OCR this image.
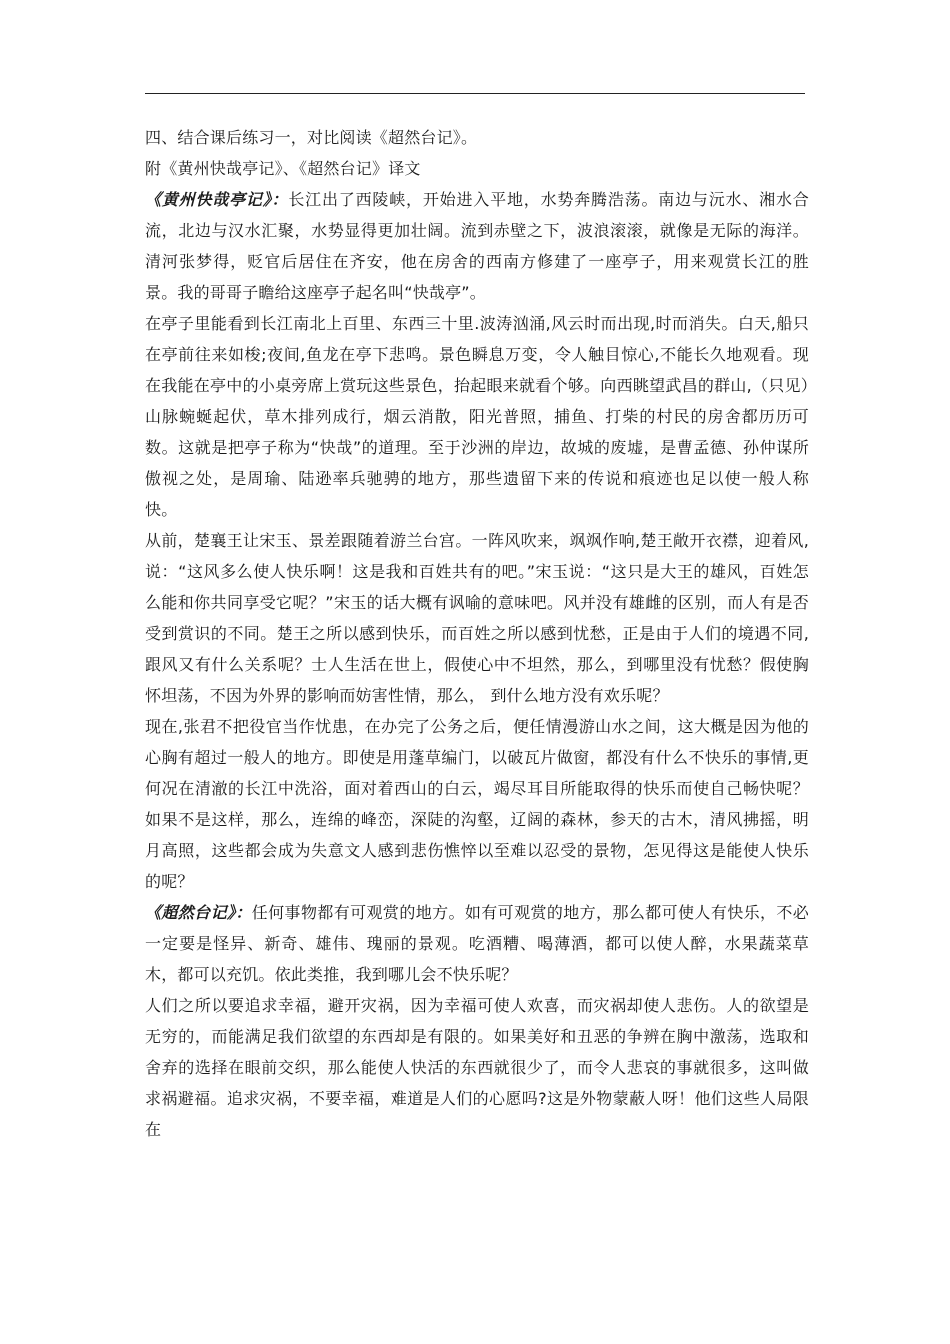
四、结合课后练习一，对比阅读《超然台记》。

附《黄州快哉亭记》、《超然台记》译文

《黄州快哉亭记》：长江出了西陵峡，开始进入平地，水势奔腾浩荡。南边与沅水、湘水合流，北边与汉水汇聚，水势显得更加壮阔。流到赤壁之下，波浪滚滚，就像是无际的海洋。清河张梦得，贬官后居住在齐安，他在房舍的西南方修建了一座亭子，用来观赏长江的胜景。我的哥哥子瞻给这座亭子起名叫“快哉亭”。

在亭子里能看到长江南北上百里、东西三十里.波涛汹涌,风云时而出现,时而消失。白天,船只在亭前往来如梭;夜间,鱼龙在亭下悲鸣。景色瞬息万变，令人触目惊心,不能长久地观看。现在我能在亭中的小桌旁席上赏玩这些景色，抬起眼来就看个够。向西眺望武昌的群山,（只见）山脉蜿蜒起伏，草木排列成行，烟云消散，阳光普照，捕鱼、打柴的村民的房舍都历历可数。这就是把亭子称为“快哉”的道理。至于沙洲的岸边，故城的废墟，是曹孟德、孙仲谋所傲视之处，是周瑜、陆逊率兵驰骋的地方，那些遗留下来的传说和痕迹也足以使一般人称快。

从前，楚襄王让宋玉、景差跟随着游兰台宫。一阵风吹来，飒飒作响,楚王敞开衣襟，迎着风,说：“这风多么使人快乐啊！这是我和百姓共有的吧。”宋玉说：“这只是大王的雄风，百姓怎么能和你共同享受它呢？”宋玉的话大概有讽喻的意味吧。风并没有雄雌的区别，而人有是否受到赏识的不同。楚王之所以感到快乐，而百姓之所以感到忧愁，正是由于人们的境遇不同,跟风又有什么关系呢？士人生活在世上，假使心中不坦然，那么，到哪里没有忧愁？假使胸怀坦荡，不因为外界的影响而妨害性情，那么， 到什么地方没有欢乐呢？

现在,张君不把役官当作忧患，在办完了公务之后，便任情漫游山水之间，这大概是因为他的心胸有超过一般人的地方。即使是用蓬草编门，以破瓦片做窗，都没有什么不快乐的事情,更何况在清澈的长江中洗浴，面对着西山的白云，竭尽耳目所能取得的快乐而使自己畅快呢？如果不是这样，那么，连绵的峰峦，深陡的沟壑，辽阔的森林，参天的古木，清风拂摇，明月高照，这些都会成为失意文人感到悲伤憔悴以至难以忍受的景物，怎见得这是能使人快乐的呢？

《超然台记》：任何事物都有可观赏的地方。如有可观赏的地方，那么都可使人有快乐，不必一定要是怪异、新奇、雄伟、瑰丽的景观。吃酒糟、喝薄酒，都可以使人醉，水果蔬菜草木，都可以充饥。依此类推，我到哪儿会不快乐呢？

人们之所以要追求幸福，避开灾祸，因为幸福可使人欢喜，而灾祸却使人悲伤。人的欲望是无穷的，而能满足我们欲望的东西却是有限的。如果美好和丑恶的争辨在胸中激荡，选取和舍弃的选择在眼前交织，那么能使人快活的东西就很少了，而令人悲哀的事就很多，这叫做求祸避福。追求灾祸，不要幸福，难道是人们的心愿吗?这是外物蒙蔽人呀！他们这些人局限在
